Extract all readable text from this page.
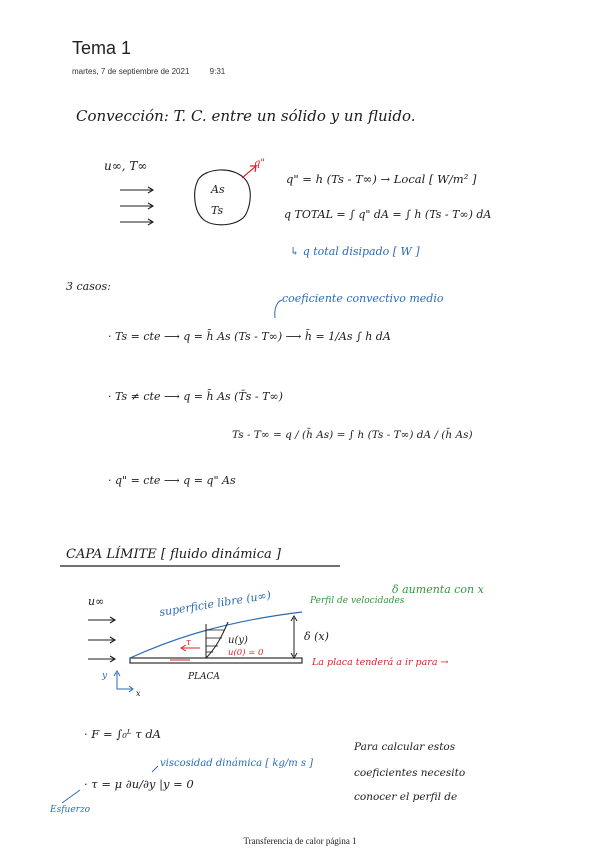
Tema 1
martes, 7 de septiembre de 2021	9:31
Convección: T. C. entre un sólido y un fluido.
u∞, T∞
As
Ts
q"
q" = h (Ts - T∞) → Local [ W/m² ]
q TOTAL = ∫ q" dA = ∫ h (Ts - T∞) dA
↳ q total disipado [ W ]
3 casos:
coeficiente convectivo medio
· Ts = cte ⟶ q = h̄ As (Ts - T∞) ⟶ h̄ = 1/As ∫ h dA
· Ts ≠ cte ⟶ q = h̄ As (T̄s - T∞)
Ts - T∞ = q / (h̄ As) = ∫ h (Ts - T∞) dA / (h̄ As)
· q" = cte ⟶ q = q" As
CAPA LÍMITE [ fluido dinámica ]
δ aumenta con x
u∞	superficie libre (u∞)	Perfil de velocidades
u(y)
u(0) = 0
τ	δ (x)
La placa tenderá a ir para →
PLACA
y
x
· F = ∫₀ᴸ τ dA
viscosidad dinámica [ kg/m s ]
· τ = μ ∂u/∂y |y = 0
Esfuerzo
Para calcular estos
coeficientes necesito
conocer el perfil de
Transferencia de calor página 1
